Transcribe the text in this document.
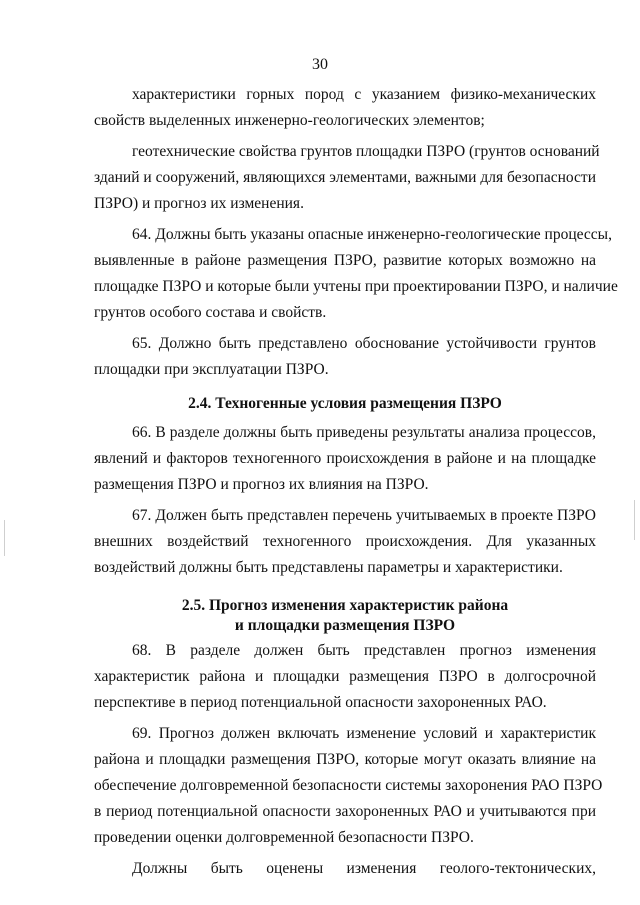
30
характеристики горных пород с указанием физико-механических
свойств выделенных инженерно-геологических элементов;
геотехнические свойства грунтов площадки ПЗРО (грунтов оснований
зданий и сооружений, являющихся элементами, важными для безопасности
ПЗРО) и прогноз их изменения.
64. Должны быть указаны опасные инженерно-геологические процессы,
выявленные в районе размещения ПЗРО, развитие которых возможно на
площадке ПЗРО и которые были учтены при проектировании ПЗРО, и наличие
грунтов особого состава и свойств.
65. Должно быть представлено обоснование устойчивости грунтов
площадки при эксплуатации ПЗРО.
2.4. Техногенные условия размещения ПЗРО
66. В разделе должны быть приведены результаты анализа процессов,
явлений и факторов техногенного происхождения в районе и на площадке
размещения ПЗРО и прогноз их влияния на ПЗРО.
67. Должен быть представлен перечень учитываемых в проекте ПЗРО
внешних воздействий техногенного происхождения. Для указанных
воздействий должны быть представлены параметры и характеристики.
2.5. Прогноз изменения характеристик района
и площадки размещения ПЗРО
68. В разделе должен быть представлен прогноз изменения
характеристик района и площадки размещения ПЗРО в долгосрочной
перспективе в период потенциальной опасности захороненных РАО.
69. Прогноз должен включать изменение условий и характеристик
района и площадки размещения ПЗРО, которые могут оказать влияние на
обеспечение долговременной безопасности системы захоронения РАО ПЗРО
в период потенциальной опасности захороненных РАО и учитываются при
проведении оценки долговременной безопасности ПЗРО.
Должны быть оценены изменения геолого-тектонических,
